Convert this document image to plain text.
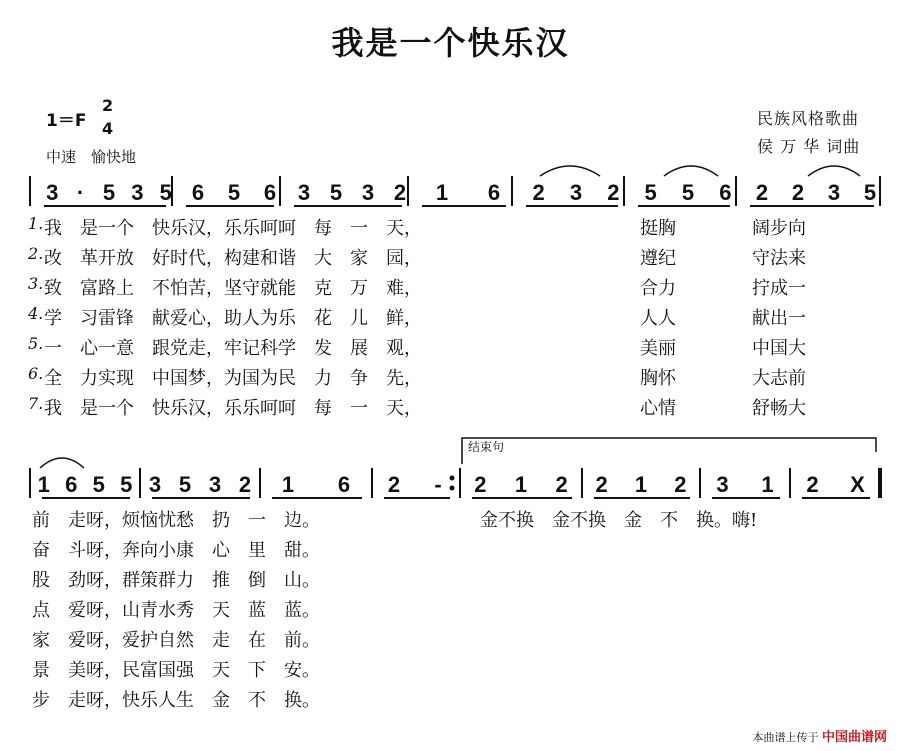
我是一个快乐汉
1＝F
2
4
中速　愉快地
民族风格歌曲
侯 万 华 词曲
3 · 5 3 5 6 5 6 3 5 3 2 1 6 2 3 2 5 5 6 2 2 3 5
1 6 5 5 3 5 3 2 1 6 2 - 2 1 2 2 1 2 3 1 2 X
结束句
1. 我　是一个　快乐汉，乐乐呵呵　每　一　天，	挺胸	阔步向
2. 改　革开放　好时代，构建和谐　大　家　园，	遵纪	守法来
3. 致　富路上　不怕苦，坚守就能　克　万　难，	合力	拧成一
4. 学　习雷锋　献爱心，助人为乐　花　儿　鲜，	人人	献出一
5. 一　心一意　跟党走，牢记科学　发　展　观，	美丽	中国大
6. 全　力实现　中国梦，为国为民　力　争　先，	胸怀	大志前
7. 我　是一个　快乐汉，乐乐呵呵　每　一　天，	心情	舒畅大
前　走呀，烦恼忧愁　扔　一　边。	金不换　金不换　金　不　换。嗨!
奋　斗呀，奔向小康　心　里　甜。
股　劲呀，群策群力　推　倒　山。
点　爱呀，山青水秀　天　蓝　蓝。
家　爱呀，爱护自然　走　在　前。
景　美呀，民富国强　天　下　安。
步　走呀，快乐人生　金　不　换。
本曲谱上传于 中国曲谱网
